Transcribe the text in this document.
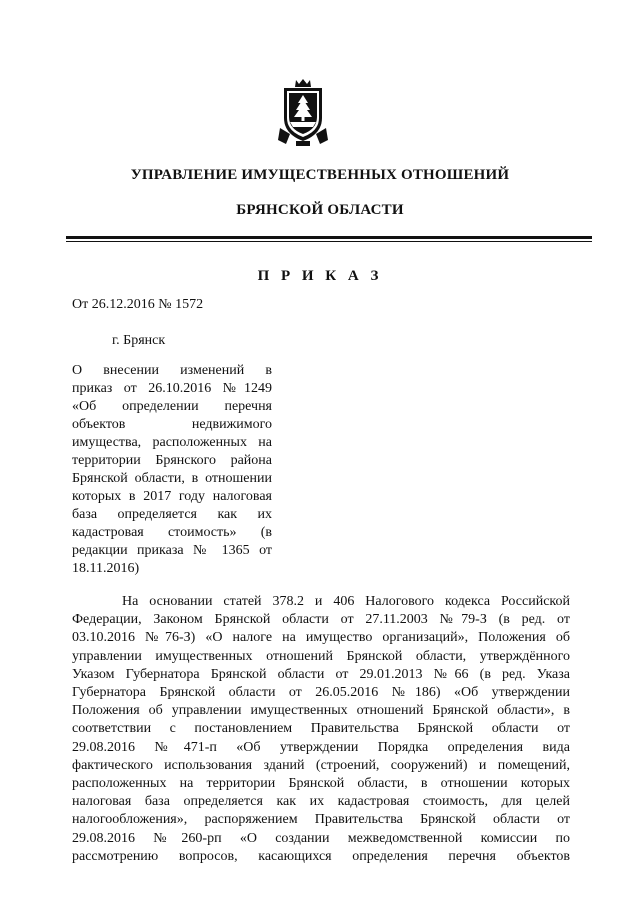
УПРАВЛЕНИЕ ИМУЩЕСТВЕННЫХ ОТНОШЕНИЙ
БРЯНСКОЙ ОБЛАСТИ
П Р И К А З
От 26.12.2016 № 1572
г. Брянск
О внесении изменений в
приказ от 26.10.2016 №1249
«Об определении перечня
объектов недвижимого
имущества, расположенных на
территории Брянского района
Брянской области, в отношении
которых в 2017 году налоговая
база определяется как их
кадастровая стоимость» (в
редакции приказа № 1365 от
18.11.2016)
На основании статей 378.2 и 406 Налогового кодекса Российской
Федерации, Законом Брянской области от 27.11.2003 №79-З (в ред. от
03.10.2016 №76-З) «О налоге на имущество организаций», Положения об
управлении имущественных отношений Брянской области, утверждённого
Указом Губернатора Брянской области от 29.01.2013 №66 (в ред. Указа
Губернатора Брянской области от 26.05.2016 №186) «Об утверждении
Положения об управлении имущественных отношений Брянской области», в
соответствии с постановлением Правительства Брянской области от
29.08.2016 №471-п «Об утверждении Порядка определения вида
фактического использования зданий (строений, сооружений) и помещений,
расположенных на территории Брянской области, в отношении которых
налоговая база определяется как их кадастровая стоимость, для целей
налогообложения», распоряжением Правительства Брянской области от
29.08.2016 №260-рп «О создании межведомственной комиссии по
рассмотрению вопросов, касающихся определения перечня объектов
